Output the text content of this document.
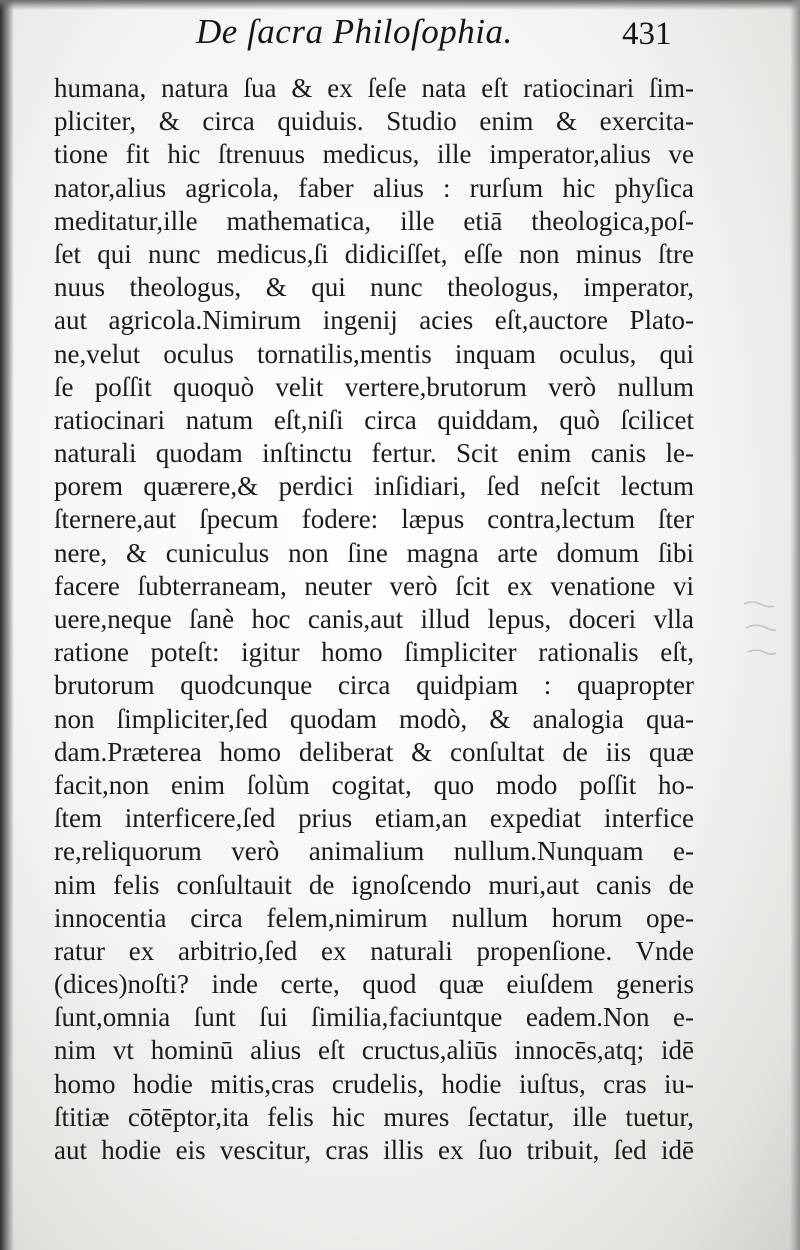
De ſacra Philoſophia.	431
humana, natura ſua & ex ſeſe nata eſt ratiocinari ſim-
pliciter, & circa quiduis. Studio enim & exercita-
tione fit hic ſtrenuus medicus, ille imperator,alius ve
nator,alius agricola, faber alius : rurſum hic phyſica
meditatur,ille mathematica, ille etiā theologica,poſ-
ſet qui nunc medicus,ſi didiciſſet, eſſe non minus ſtre
nuus theologus, & qui nunc theologus, imperator,
aut agricola.Nimirum ingenij acies eſt,auctore Plato-
ne,velut oculus tornatilis,mentis inquam oculus, qui
ſe poſſit quoquò velit vertere,brutorum verò nullum
ratiocinari natum eſt,niſi circa quiddam, quò ſcilicet
naturali quodam inſtinctu fertur. Scit enim canis le-
porem quærere,& perdici inſidiari, ſed neſcit lectum
ſternere,aut ſpecum fodere: læpus contra,lectum ſter
nere, & cuniculus non ſine magna arte domum ſibi
facere ſubterraneam, neuter verò ſcit ex venatione vi
uere,neque ſanè hoc canis,aut illud lepus, doceri vlla
ratione poteſt: igitur homo ſimpliciter rationalis eſt,
brutorum quodcunque circa quidpiam : quapropter
non ſimpliciter,ſed quodam modò, & analogia qua-
dam.Præterea homo deliberat & conſultat de iis quæ
facit,non enim ſolùm cogitat, quo modo poſſit ho-
ſtem interficere,ſed prius etiam,an expediat interfice
re,reliquorum verò animalium nullum.Nunquam e-
nim felis conſultauit de ignoſcendo muri,aut canis de
innocentia circa felem,nimirum nullum horum ope-
ratur ex arbitrio,ſed ex naturali propenſione. Vnde
(dices)noſti? inde certe, quod quæ eiuſdem generis
ſunt,omnia ſunt ſui ſimilia,faciuntque eadem.Non e-
nim vt hominū alius eſt cructus,aliūs innocēs,atq; idē
homo hodie mitis,cras crudelis, hodie iuſtus, cras iu-
ſtitiæ cōtēptor,ita felis hic mures ſectatur, ille tuetur,
aut hodie eis vescitur, cras illis ex ſuo tribuit, ſed idē
